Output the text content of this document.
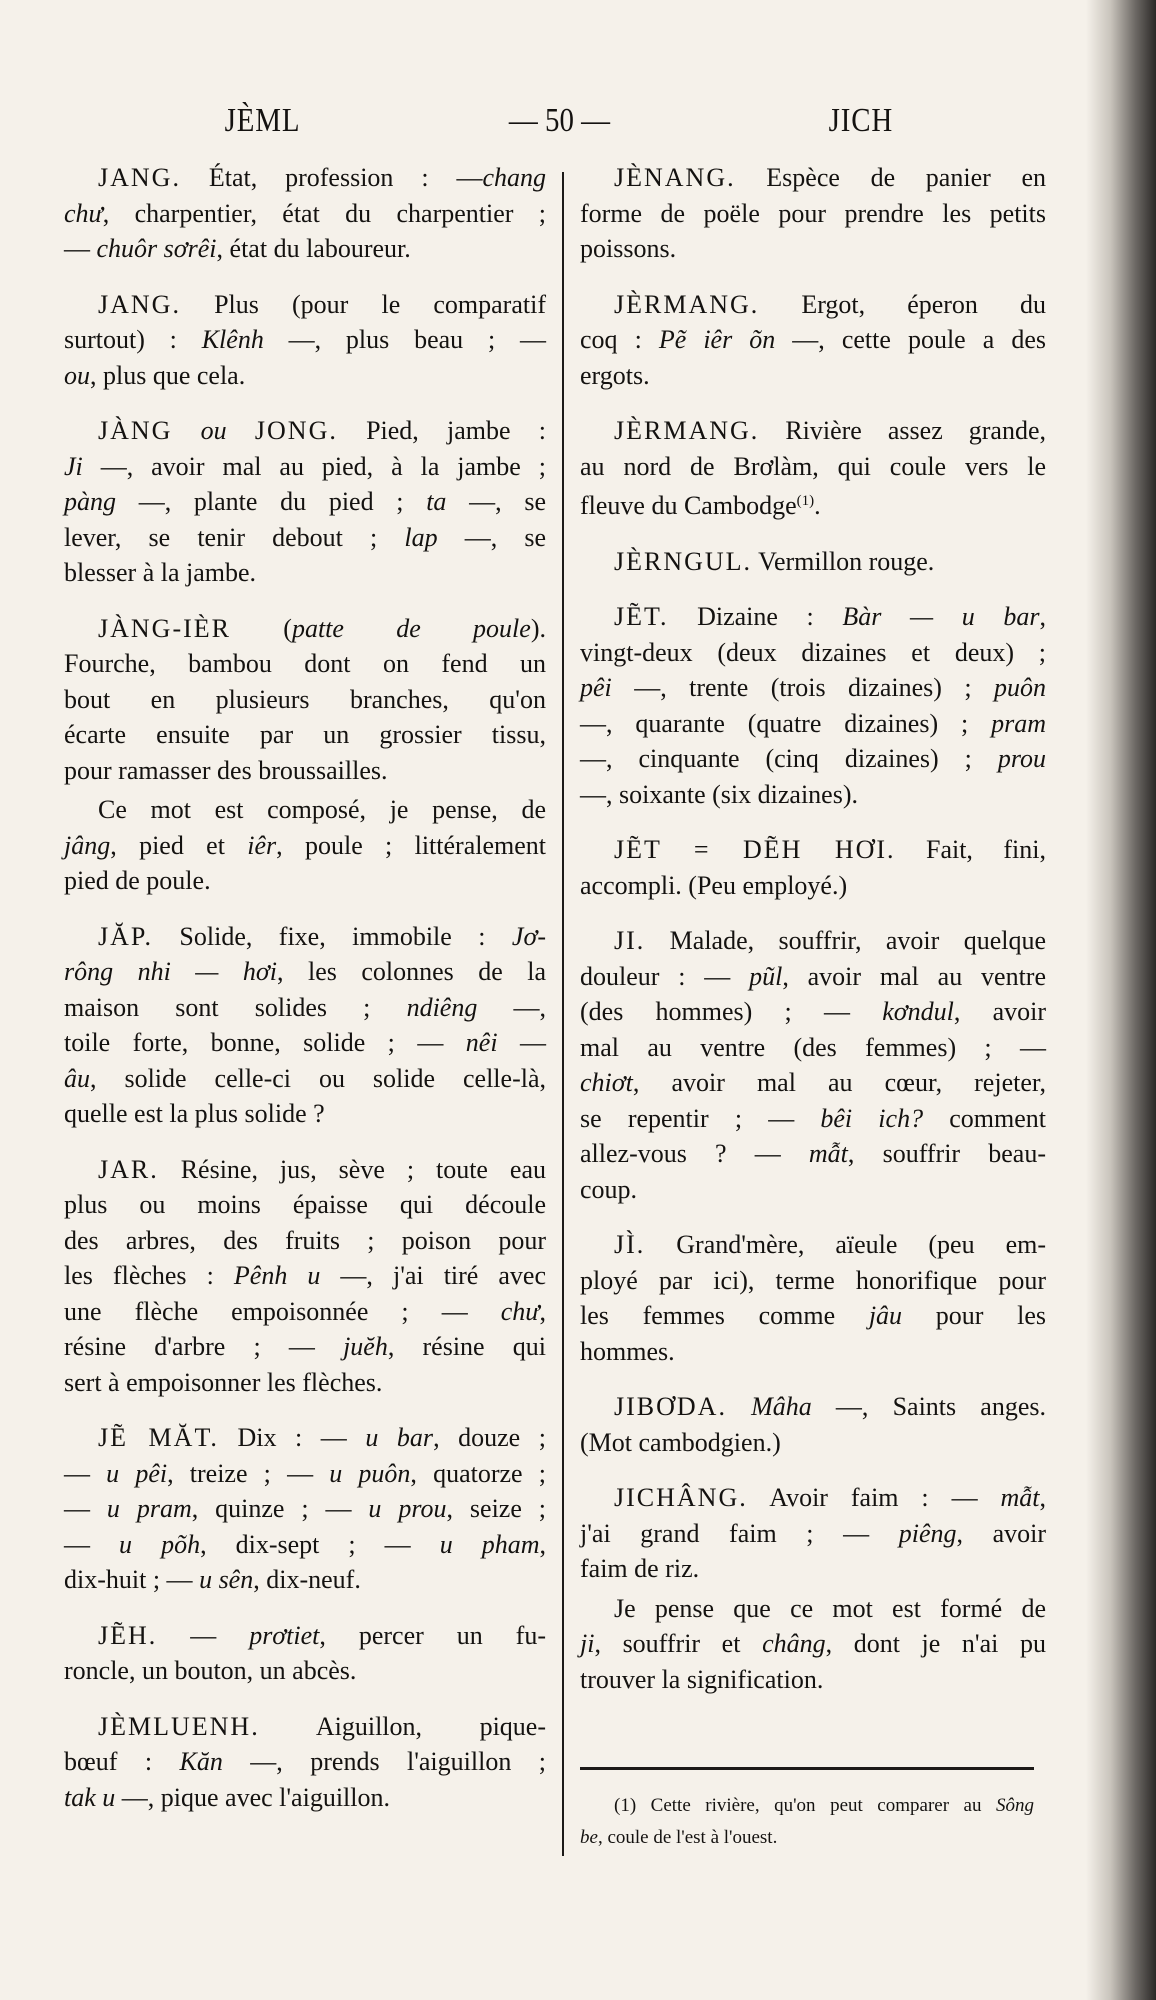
JÈML	— 50 —	JICH
JANG. État, profession : —chang
chư, charpentier, état du charpentier ;
— chuôr sơrêi, état du laboureur.
JANG. Plus (pour le comparatif
surtout) : Klênh —, plus beau ; —
ou, plus que cela.
JÀNG ou JONG. Pied, jambe :
Ji —, avoir mal au pied, à la jambe ;
pàng —, plante du pied ; ta —, se
lever, se tenir debout ; lap —, se
blesser à la jambe.
JÀNG-IÈR (patte de poule).
Fourche, bambou dont on fend un
bout en plusieurs branches, qu'on
écarte ensuite par un grossier tissu,
pour ramasser des broussailles.
Ce mot est composé, je pense, de
jâng, pied et iêr, poule ; littéralement
pied de poule.
JĂP. Solide, fixe, immobile : Jơ-
rông nhi — hơi, les colonnes de la
maison sont solides ; ndiêng —,
toile forte, bonne, solide ; — nêi —
âu, solide celle-ci ou solide celle-là,
quelle est la plus solide ?
JAR. Résine, jus, sève ; toute eau
plus ou moins épaisse qui découle
des arbres, des fruits ; poison pour
les flèches : Pênh u —, j'ai tiré avec
une flèche empoisonnée ; — chư,
résine d'arbre ; — juĕh, résine qui
sert à empoisonner les flèches.
JẼ MĂT. Dix : — u bar, douze ;
— u pêi, treize ; — u puôn, quatorze ;
— u pram, quinze ; — u prou, seize ;
— u põh, dix-sept ; — u pham,
dix-huit ; — u sên, dix-neuf.
JẼH. — prơtiet, percer un fu-
roncle, un bouton, un abcès.
JÈMLUENH. Aiguillon, pique-
bœuf : Kăn —, prends l'aiguillon ;
tak u —, pique avec l'aiguillon.
JÈNANG. Espèce de panier en
forme de poële pour prendre les petits
poissons.
JÈRMANG. Ergot, éperon du
coq : Pẽ iêr õn —, cette poule a des
ergots.
JÈRMANG. Rivière assez grande,
au nord de Brơlàm, qui coule vers le
fleuve du Cambodge$^{(1)}$.
JÈRNGUL. Vermillon rouge.
JẼT. Dizaine : Bàr — u bar,
vingt-deux (deux dizaines et deux) ;
pêi —, trente (trois dizaines) ; puôn
—, quarante (quatre dizaines) ; pram
—, cinquante (cinq dizaines) ; prou
—, soixante (six dizaines).
JẼT = DẼH HƠI. Fait, fini,
accompli. (Peu employé.)
JI. Malade, souffrir, avoir quelque
douleur : — pũl, avoir mal au ventre
(des hommes) ; — kơndul, avoir
mal au ventre (des femmes) ; —
chiơt, avoir mal au cœur, rejeter,
se repentir ; — bêi ich? comment
allez-vous ? — mẫt, souffrir beau-
coup.
JÌ. Grand'mère, aïeule (peu em-
ployé par ici), terme honorifique pour
les femmes comme jâu pour les
hommes.
JIBƠDA. Mâha —, Saints anges.
(Mot cambodgien.)
JICHÂNG. Avoir faim : — mẫt,
j'ai grand faim ; — piêng, avoir
faim de riz.
Je pense que ce mot est formé de
ji, souffrir et châng, dont je n'ai pu
trouver la signification.
(1) Cette rivière, qu'on peut comparer au Sông
be, coule de l'est à l'ouest.
